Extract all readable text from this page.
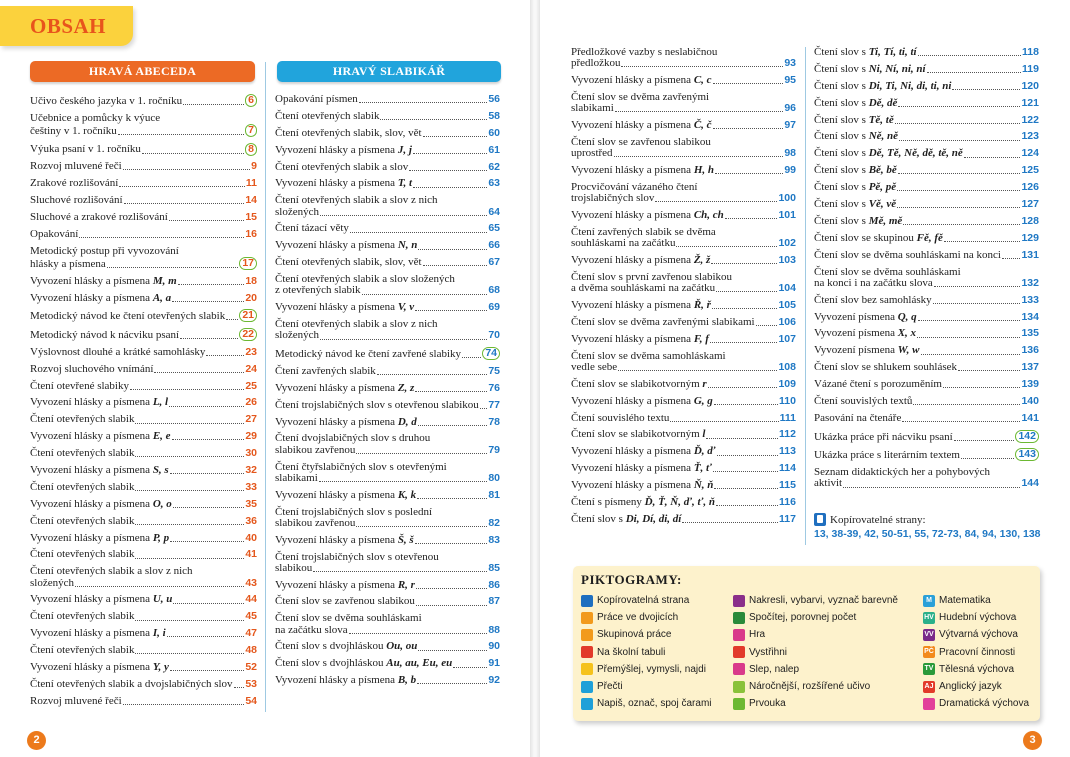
OBSAH
HRAVÁ ABECEDA	HRAVÝ SLABIKÁŘ
Učivo českého jazyka v 1. ročníku	6
Učebnice a pomůcky k výuce
češtiny v 1. ročníku	7
Výuka psaní v 1. ročníku	8
Rozvoj mluvené řeči	9
Zrakové rozlišování	11
Sluchové rozlišování	14
Sluchové a zrakové rozlišování	15
Opakování	16
Metodický postup při vyvozování
hlásky a písmena	17
Vyvození hlásky a písmena M, m	18
Vyvození hlásky a písmena A, a	20
Metodický návod ke čtení otevřených slabik 21
Metodický návod k nácviku psaní	22
Výslovnost dlouhé a krátké samohlásky	23
Rozvoj sluchového vnímání	24
Čtení otevřené slabiky	25
Vyvození hlásky a písmena L, l	26
Čtení otevřených slabik	27
Vyvození hlásky a písmena E, e	29
Čtení otevřených slabik	30
Vyvození hlásky a písmena S, s	32
Čtení otevřených slabik	33
Vyvození hlásky a písmena O, o	35
Čtení otevřených slabik	36
Vyvození hlásky a písmena P, p	40
Čtení otevřených slabik	41
Čtení otevřených slabik a slov z nich
složených	43
Vyvození hlásky a písmena U, u	44
Čtení otevřených slabik	45
Vyvození hlásky a písmena I, i	47
Čtení otevřených slabik	48
Vyvození hlásky a písmena Y, y	52
Čtení otevřených slabik a dvojslabičných slov 53
Rozvoj mluvené řeči	54
Opakování písmen	56
Čtení otevřených slabik	58
Čtení otevřených slabik, slov, vět	60
Vyvození hlásky a písmena J, j	61
Čtení otevřených slabik a slov	62
Vyvození hlásky a písmena T, t	63
Čtení otevřených slabik a slov z nich
složených	64
Čtení tázací věty	65
Vyvození hlásky a písmena N, n	66
Čtení otevřených slabik, slov, vět	67
Čtení otevřených slabik a slov složených
z otevřených slabik	68
Vyvození hlásky a písmena V, v	69
Čtení otevřených slabik a slov z nich
složených	70
Metodický návod ke čtení zavřené slabiky 74
Čtení zavřených slabik	75
Vyvození hlásky a písmena Z, z	76
Čtení trojslabičných slov s otevřenou slabikou 77
Vyvození hlásky a písmena D, d	78
Čtení dvojslabičných slov s druhou
slabikou zavřenou	79
Čtení čtyřslabičných slov s otevřenými
slabikami	80
Vyvození hlásky a písmena K, k	81
Čtení trojslabičných slov s poslední
slabikou zavřenou	82
Vyvození hlásky a písmena Š, š	83
Čtení trojslabičných slov s otevřenou
slabikou	85
Vyvození hlásky a písmena R, r	86
Čtení slov se zavřenou slabikou	87
Čtení slov se dvěma souhláskami
na začátku slova	88
Čtení slov s dvojhláskou Ou, ou	90
Čtení slov s dvojhláskou Au, au, Eu, eu	91
Vyvození hlásky a písmena B, b	92
Předložkové vazby s neslabičnou
předložkou	93
Vyvození hlásky a písmena C, c	95
Čtení slov se dvěma zavřenými
slabikami	96
Vyvození hlásky a písmena Č, č	97
Čtení slov se zavřenou slabikou
uprostřed	98
Vyvození hlásky a písmena H, h	99
Procvičování vázaného čtení
trojslabičných slov	100
Vyvození hlásky a písmena Ch, ch	101
Čtení zavřených slabik se dvěma
souhláskami na začátku	102
Vyvození hlásky a písmena Ž, ž	103
Čtení slov s první zavřenou slabikou
a dvěma souhláskami na začátku	104
Vyvození hlásky a písmena Ř, ř	105
Čtení slov se dvěma zavřenými slabikami 106
Vyvození hlásky a písmena F, f	107
Čtení slov se dvěma samohláskami
vedle sebe	108
Čtení slov se slabikotvorným r	109
Vyvození hlásky a písmena G, g	110
Čtení souvislého textu	111
Čtení slov se slabikotvorným l	112
Vyvození hlásky a písmena Ď, ď	113
Vyvození hlásky a písmena Ť, ť	114
Vyvození hlásky a písmena Ň, ň	115
Čtení s písmeny Ď, Ť, Ň, ď, ť, ň	116
Čtení slov s Di, Dí, di, dí	117
Čtení slov s Ti, Tí, ti, tí	118
Čtení slov s Ni, Ní, ni, ní	119
Čtení slov s Di, Ti, Ni, di, ti, ni	120
Čtení slov s Dě, dě	121
Čtení slov s Tě, tě	122
Čtení slov s Ně, ně	123
Čtení slov s Dě, Tě, Ně, dě, tě, ně	124
Čtení slov s Bě, bě	125
Čtení slov s Pě, pě	126
Čtení slov s Vě, vě	127
Čtení slov s Mě, mě	128
Čtení slov se skupinou Fě, fě	129
Čtení slov se dvěma souhláskami na konci 131
Čtení slov se dvěma souhláskami
na konci i na začátku slova	132
Čtení slov bez samohlásky	133
Vyvození písmena Q, q	134
Vyvození písmena X, x	135
Vyvození písmena W, w	136
Čtení slov se shlukem souhlásek	137
Vázané čtení s porozuměním	139
Čtení souvislých textů	140
Pasování na čtenáře	141
Ukázka práce při nácviku psaní	142
Ukázka práce s literárním textem	143
Seznam didaktických her a pohybových
aktivit	144
Kopírovatelné strany:
13, 38-39, 42, 50-51, 55, 72-73, 84, 94, 130, 138
PIKTOGRAMY:
Kopírovatelná strana
Práce ve dvojicích
Skupinová práce
Na školní tabuli
Přemýšlej, vymysli, najdi
Přečti
Napiš, označ, spoj čarami
Nakresli, vybarvi, vyznač barevně
Spočítej, porovnej počet
Hra
Vystřihni
Slep, nalep
Náročnější, rozšířené učivo
Prvouka
M Matematika
HV Hudební výchova
VV Výtvarná výchova
PČ Pracovní činnosti
TV Tělesná výchova
AJ Anglický jazyk
Dramatická výchova
2	3
